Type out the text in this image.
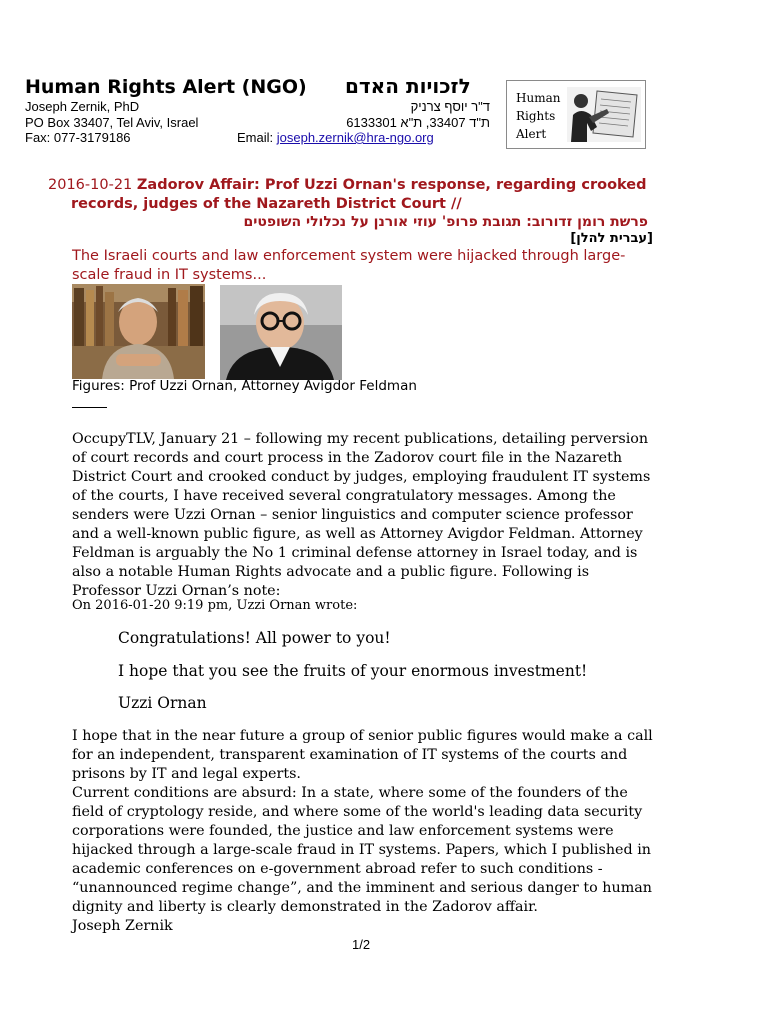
Human Rights Alert (NGO) לזכויות האדם
Joseph Zernik, PhD	ד"ר יוסף צרניק
PO Box 33407, Tel Aviv, Israel	ת"ד 33407, ת"א 6133301
Fax: 077-3179186	Email: joseph.zernik@hra-ngo.org
Human
Rights
Alert
2016-10-21 Zadorov Affair: Prof Uzzi Ornan's response, regarding crooked
records, judges of the Nazareth District Court //
פרשת רומן זדורוב: תגובת פרופ' עוזי אורנן על נכלולי השופטים
[עברית להלן]
The Israeli courts and law enforcement system were hijacked through large-scale fraud in IT systems...
Figures: Prof Uzzi Ornan, Attorney Avigdor Feldman
OccupyTLV, January 21 – following my recent publications, detailing perversion of court records and court process in the Zadorov court file in the Nazareth District Court and crooked conduct by judges, employing fraudulent IT systems of the courts, I have received several congratulatory messages. Among the senders were Uzzi Ornan – senior linguistics and computer science professor and a well-known public figure, as well as Attorney Avigdor Feldman. Attorney Feldman is arguably the No 1 criminal defense attorney in Israel today, and is also a notable Human Rights advocate and a public figure. Following is Professor Uzzi Ornan’s note:
On 2016-01-20 9:19 pm, Uzzi Ornan wrote:
Congratulations! All power to you!
I hope that you see the fruits of your enormous investment!
Uzzi Ornan
I hope that in the near future a group of senior public figures would make a call for an independent, transparent examination of IT systems of the courts and prisons by IT and legal experts.
Current conditions are absurd: In a state, where some of the founders of the field of cryptology reside, and where some of the world's leading data security corporations were founded, the justice and law enforcement systems were hijacked through a large-scale fraud in IT systems. Papers, which I published in academic conferences on e-government abroad refer to such conditions - “unannounced regime change”, and the imminent and serious danger to human dignity and liberty is clearly demonstrated in the Zadorov affair.
Joseph Zernik
1/2
